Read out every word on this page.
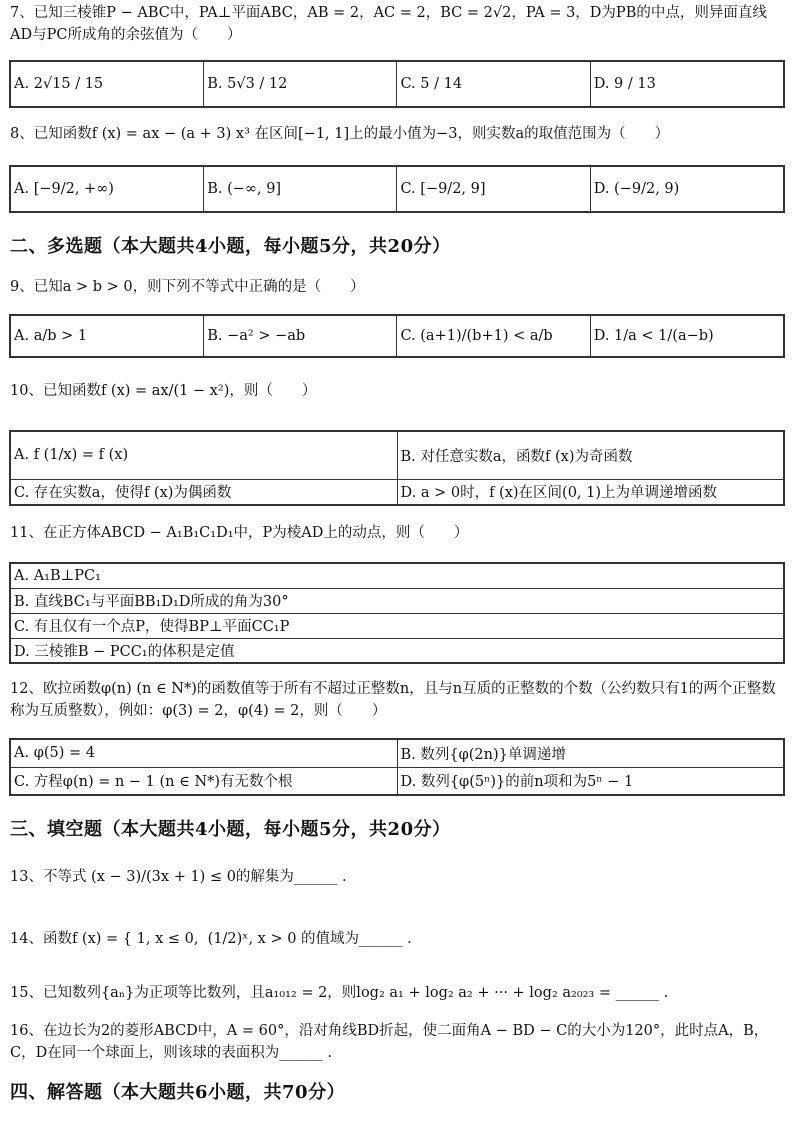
7、已知三棱锥P − ABC中，PA⊥平面ABC，AB = 2，AC = 2，BC = 2√2，PA = 3，D为PB的中点，则异面直线AD与PC所成角的余弦值为（　　）
A. 2√15 / 15	B. 5√3 / 12	C. 5 / 14	D. 9 / 13
8、已知函数f (x) = ax − (a + 3) x³ 在区间[−1, 1]上的最小值为−3，则实数a的取值范围为（　　）
A. [−9/2, +∞)	B. (−∞, 9]	C. [−9/2, 9]	D. (−9/2, 9)
二、多选题（本大题共4小题，每小题5分，共20分）
9、已知a > b > 0，则下列不等式中正确的是（　　）
A. a/b > 1	B. −a² > −ab	C. (a+1)/(b+1) < a/b	D. 1/a < 1/(a−b)
10、已知函数f (x) = ax/(1 − x²)，则（　　）
A. f (1/x) = f (x)	B. 对任意实数a，函数f (x)为奇函数
C. 存在实数a，使得f (x)为偶函数	D. a > 0时，f (x)在区间(0, 1)上为单调递增函数
11、在正方体ABCD − A₁B₁C₁D₁中，P为棱AD上的动点，则（　　）
A. A₁B⊥PC₁
B. 直线BC₁与平面BB₁D₁D所成的角为30°
C. 有且仅有一个点P，使得BP⊥平面CC₁P
D. 三棱锥B − PCC₁的体积是定值
12、欧拉函数φ(n) (n ∈ N*)的函数值等于所有不超过正整数n，且与n互质的正整数的个数（公约数只有1的两个正整数称为互质整数），例如：φ(3) = 2，φ(4) = 2，则（　　）
A. φ(5) = 4	B. 数列{φ(2n)}单调递增
C. 方程φ(n) = n − 1 (n ∈ N*)有无数个根	D. 数列{φ(5ⁿ)}的前n项和为5ⁿ − 1
三、填空题（本大题共4小题，每小题5分，共20分）
13、不等式 (x − 3)/(3x + 1) ≤ 0的解集为______ .
14、函数f (x) = { 1, x ≤ 0,  (1/2)ˣ, x > 0 的值域为______ .
15、已知数列{aₙ}为正项等比数列，且a₁₀₁₂ = 2，则log₂ a₁ + log₂ a₂ + ··· + log₂ a₂₀₂₃ = ______ .
16、在边长为2的菱形ABCD中，A = 60°，沿对角线BD折起，使二面角A − BD − C的大小为120°，此时点A，B，C，D在同一个球面上，则该球的表面积为______ .
四、解答题（本大题共6小题，共70分）
